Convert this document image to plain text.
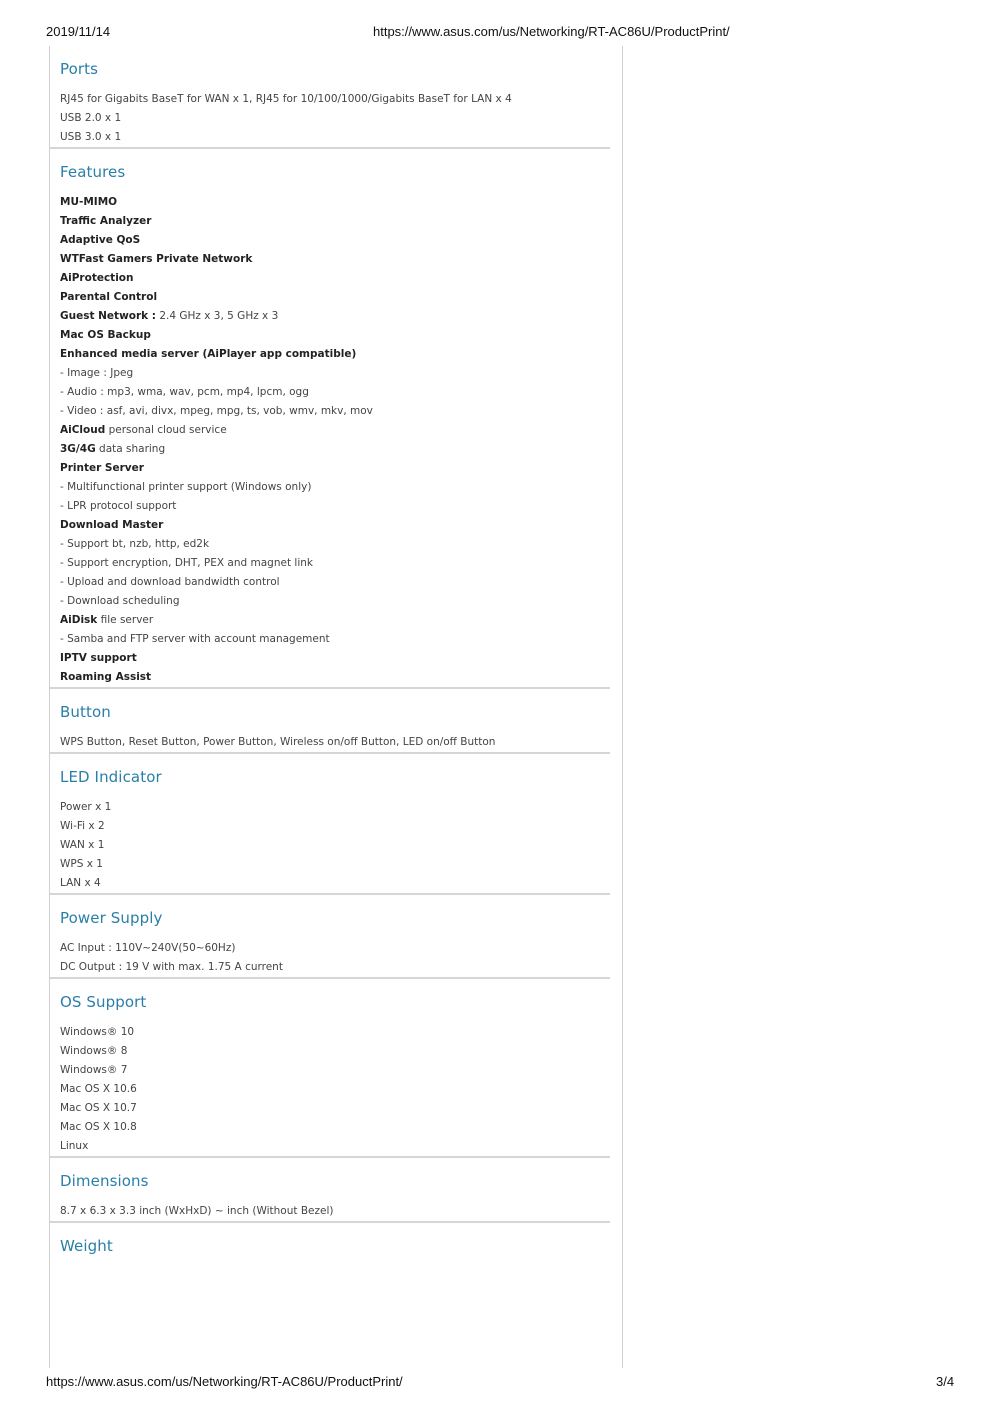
2019/11/14	https://www.asus.com/us/Networking/RT-AC86U/ProductPrint/
Ports
RJ45 for Gigabits BaseT for WAN x 1, RJ45 for 10/100/1000/Gigabits BaseT for LAN x 4
USB 2.0 x 1
USB 3.0 x 1
Features
MU-MIMO
Traffic Analyzer
Adaptive QoS
WTFast Gamers Private Network
AiProtection
Parental Control
Guest Network : 2.4 GHz x 3, 5 GHz x 3
Mac OS Backup
Enhanced media server (AiPlayer app compatible)
- Image : Jpeg
- Audio : mp3, wma, wav, pcm, mp4, lpcm, ogg
- Video : asf, avi, divx, mpeg, mpg, ts, vob, wmv, mkv, mov
AiCloud personal cloud service
3G/4G data sharing
Printer Server
- Multifunctional printer support (Windows only)
- LPR protocol support
Download Master
- Support bt, nzb, http, ed2k
- Support encryption, DHT, PEX and magnet link
- Upload and download bandwidth control
- Download scheduling
AiDisk file server
- Samba and FTP server with account management
IPTV support
Roaming Assist
Button
WPS Button, Reset Button, Power Button, Wireless on/off Button, LED on/off Button
LED Indicator
Power x 1
Wi-Fi x 2
WAN x 1
WPS x 1
LAN x 4
Power Supply
AC Input : 110V~240V(50~60Hz)
DC Output : 19 V with max. 1.75 A current
OS Support
Windows® 10
Windows® 8
Windows® 7
Mac OS X 10.6
Mac OS X 10.7
Mac OS X 10.8
Linux
Dimensions
8.7 x 6.3 x 3.3 inch (WxHxD) ~ inch (Without Bezel)
Weight
https://www.asus.com/us/Networking/RT-AC86U/ProductPrint/	3/4
